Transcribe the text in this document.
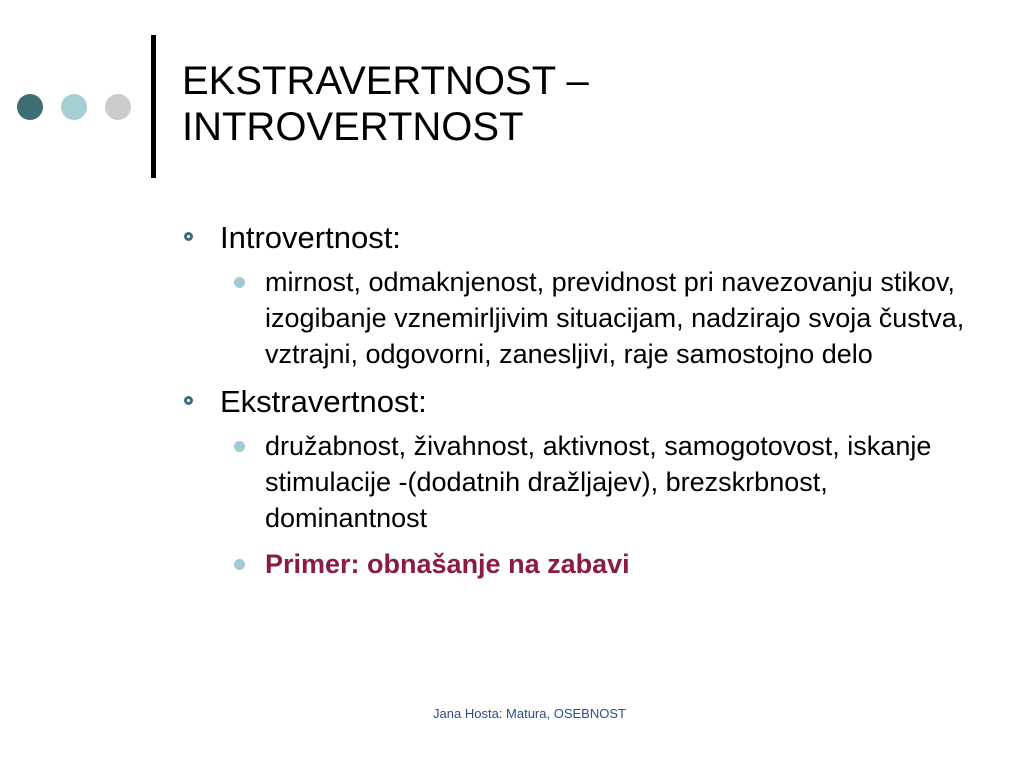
EKSTRAVERTNOST –
INTROVERTNOST
Introvertnost:
mirnost, odmaknjenost, previdnost pri navezovanju stikov, izogibanje vznemirljivim situacijam, nadzirajo svoja čustva, vztrajni, odgovorni, zanesljivi, raje samostojno delo
Ekstravertnost:
družabnost, živahnost, aktivnost, samogotovost, iskanje stimulacije -(dodatnih dražljajev), brezskrbnost, dominantnost
Primer: obnašanje na zabavi
Jana Hosta: Matura, OSEBNOST
